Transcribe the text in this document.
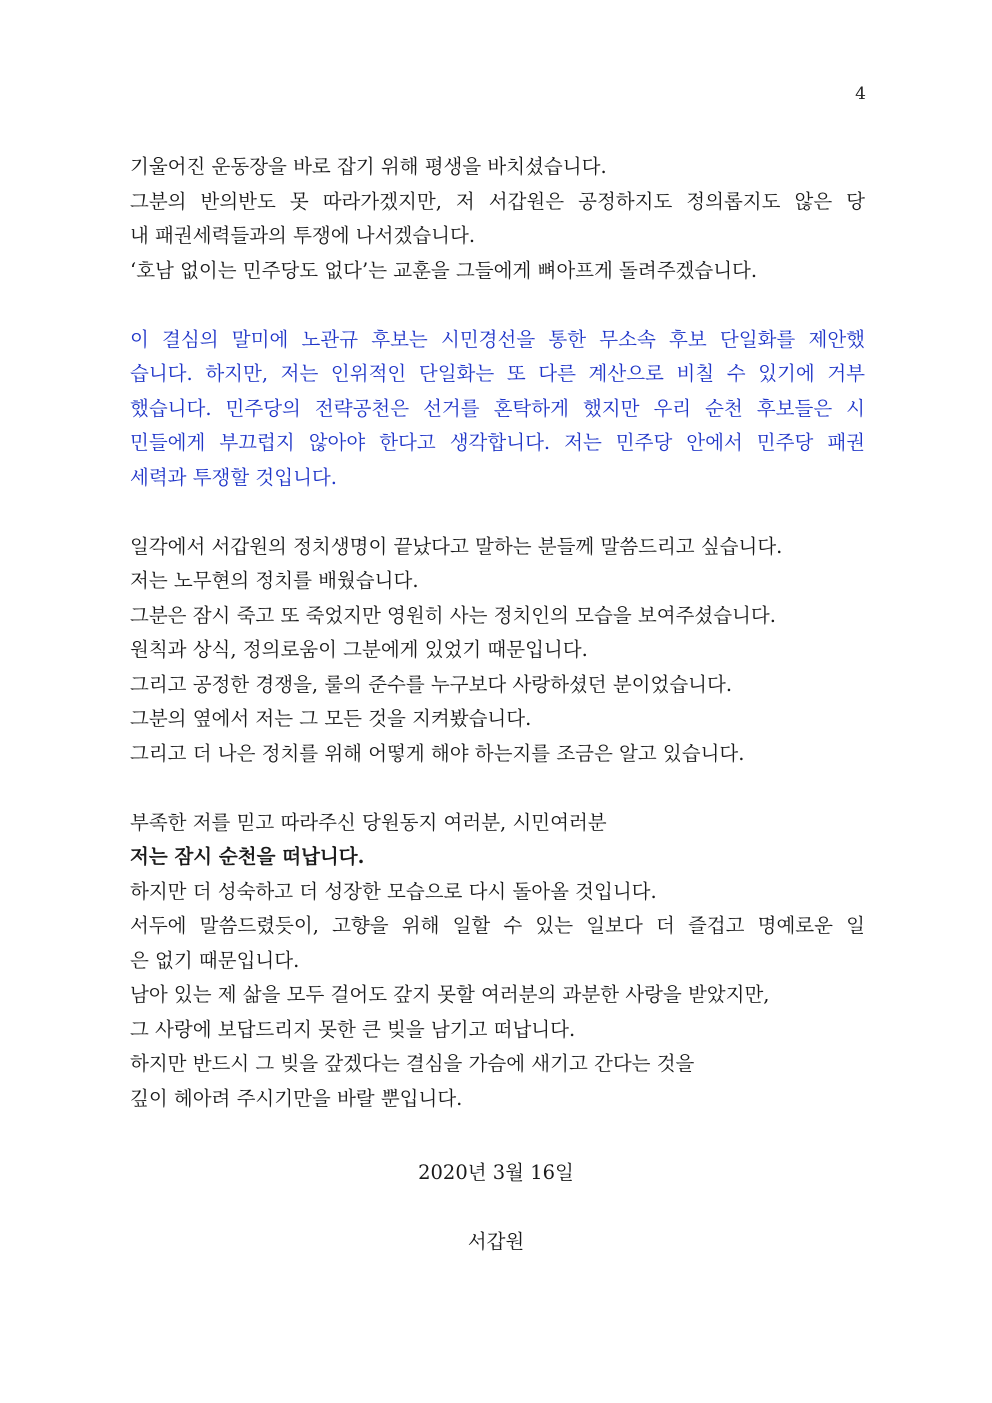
4
기울어진 운동장을 바로 잡기 위해 평생을 바치셨습니다.
그분의 반의반도 못 따라가겠지만, 저 서갑원은 공정하지도 정의롭지도 않은 당
내 패권세력들과의 투쟁에 나서겠습니다.
‘호남 없이는 민주당도 없다’는 교훈을 그들에게 뼈아프게 돌려주겠습니다.
이 결심의 말미에 노관규 후보는 시민경선을 통한 무소속 후보 단일화를 제안했
습니다. 하지만, 저는 인위적인 단일화는 또 다른 계산으로 비칠 수 있기에 거부
했습니다. 민주당의 전략공천은 선거를 혼탁하게 했지만 우리 순천 후보들은 시
민들에게 부끄럽지 않아야 한다고 생각합니다. 저는 민주당 안에서 민주당 패권
세력과 투쟁할 것입니다.
일각에서 서갑원의 정치생명이 끝났다고 말하는 분들께 말씀드리고 싶습니다.
저는 노무현의 정치를 배웠습니다.
그분은 잠시 죽고 또 죽었지만 영원히 사는 정치인의 모습을 보여주셨습니다.
원칙과 상식, 정의로움이 그분에게 있었기 때문입니다.
그리고 공정한 경쟁을, 룰의 준수를 누구보다 사랑하셨던 분이었습니다.
그분의 옆에서 저는 그 모든 것을 지켜봤습니다.
그리고 더 나은 정치를 위해 어떻게 해야 하는지를 조금은 알고 있습니다.
부족한 저를 믿고 따라주신 당원동지 여러분, 시민여러분
저는 잠시 순천을 떠납니다.
하지만 더 성숙하고 더 성장한 모습으로 다시 돌아올 것입니다.
서두에 말씀드렸듯이, 고향을 위해 일할 수 있는 일보다 더 즐겁고 명예로운 일
은 없기 때문입니다.
남아 있는 제 삶을 모두 걸어도 갚지 못할 여러분의 과분한 사랑을 받았지만,
그 사랑에 보답드리지 못한 큰 빚을 남기고 떠납니다.
하지만 반드시 그 빚을 갚겠다는 결심을 가슴에 새기고 간다는 것을
깊이 헤아려 주시기만을 바랄 뿐입니다.
2020년 3월 16일
서갑원
